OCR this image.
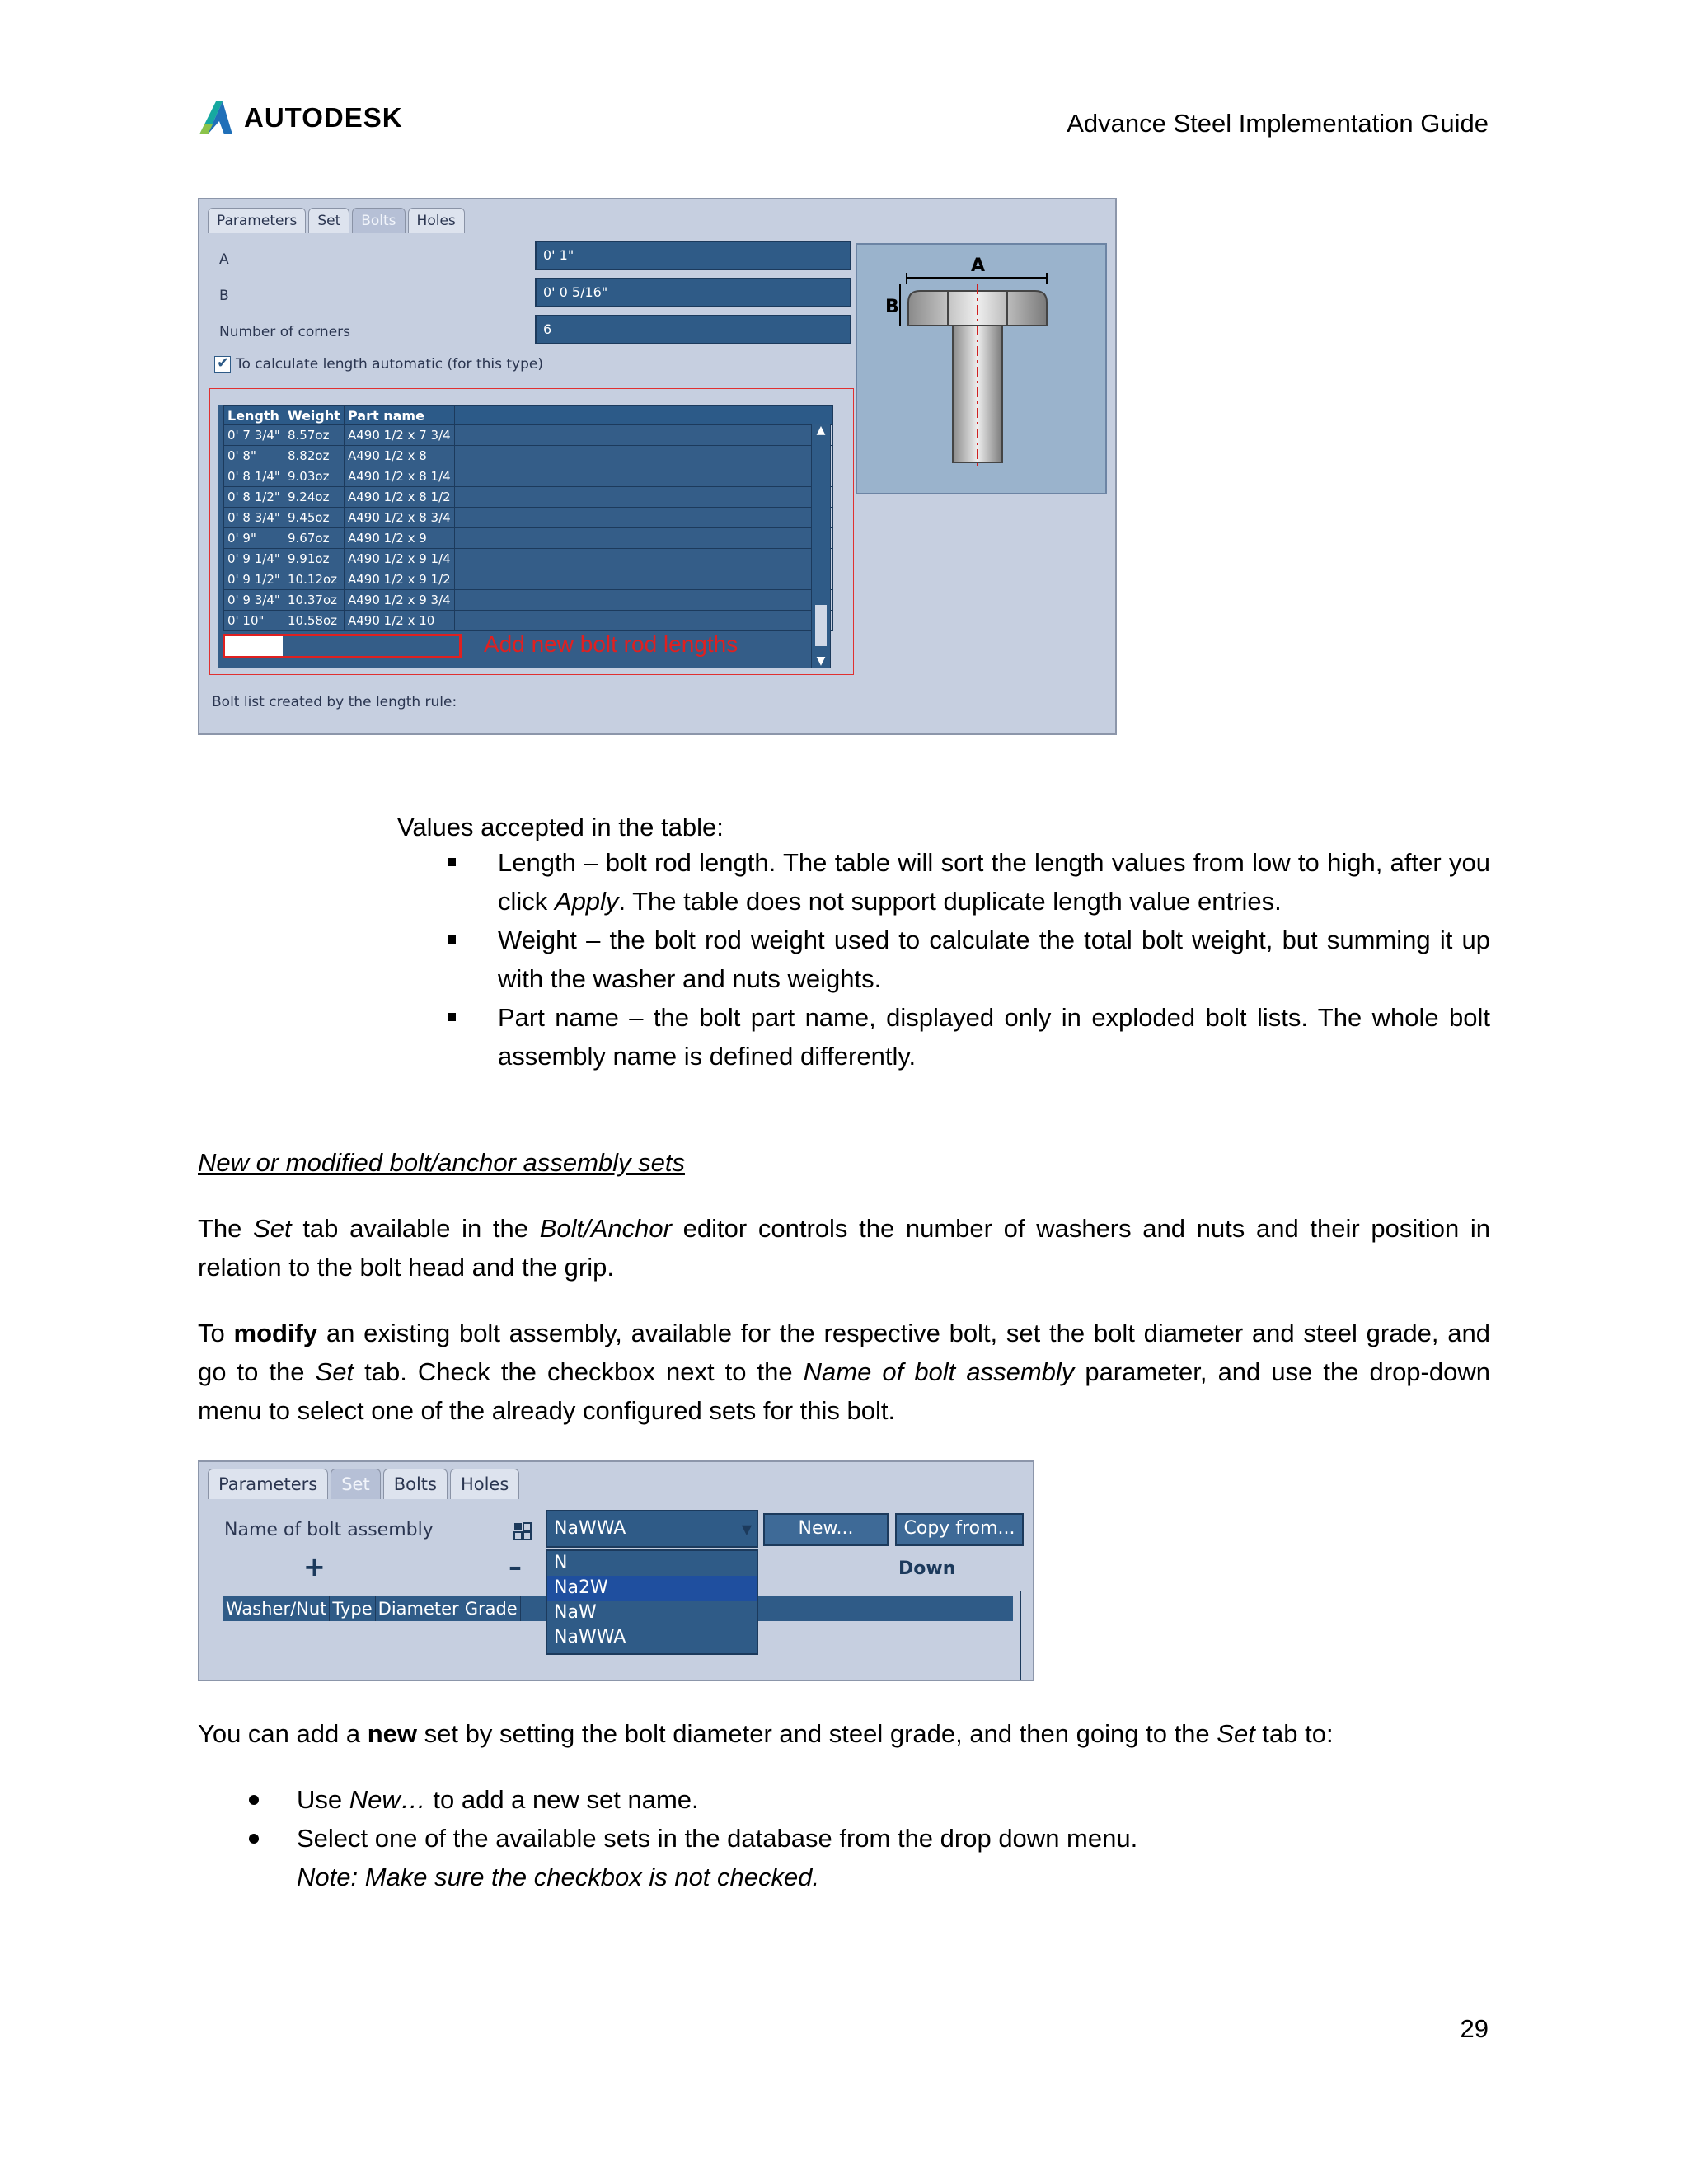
AUTODESK	Advance Steel Implementation Guide
Parameters	Set	Bolts	Holes
A	0' 1"
B	0' 0 5/16"
Number of corners	6
✔
To calculate length automatic (for this type)
Length	Weight	Part name	
0' 7 3/4"	8.57oz	A490 1/2 x 7 3/4	
0' 8"	8.82oz	A490 1/2 x 8	
0' 8 1/4"	9.03oz	A490 1/2 x 8 1/4	
0' 8 1/2"	9.24oz	A490 1/2 x 8 1/2	
0' 8 3/4"	9.45oz	A490 1/2 x 8 3/4	
0' 9"	9.67oz	A490 1/2 x 9	
0' 9 1/4"	9.91oz	A490 1/2 x 9 1/4	
0' 9 1/2"	10.12oz	A490 1/2 x 9 1/2	
0' 9 3/4"	10.37oz	A490 1/2 x 9 3/4	
0' 10"	10.58oz	A490 1/2 x 10	
▲
▼
Add new bolt rod lengths
Bolt list created by the length rule:
A
B
Values accepted in the table:
Length – bolt rod length. The table will sort the length values from low to high, after you click Apply. The table does not support duplicate length value entries.
Weight – the bolt rod weight used to calculate the total bolt weight, but summing it up with the washer and nuts weights.
Part name – the bolt part name, displayed only in exploded bolt lists. The whole bolt assembly name is defined differently.
New or modified bolt/anchor assembly sets
The Set tab available in the Bolt/Anchor editor controls the number of washers and nuts and their position in relation to the bolt head and the grip.
To modify an existing bolt assembly, available for the respective bolt, set the bolt diameter and steel grade, and go to the Set tab. Check the checkbox next to the Name of bolt assembly parameter, and use the drop-down menu to select one of the already configured sets for this bolt.
Parameters	Set	Bolts	Holes
Name of bolt assembly	NaWWA	▼	New...	Copy from...
+	–	Down
Washer/Nut Type Diameter Grade
N
Na2W
NaW
NaWWA
You can add a new set by setting the bolt diameter and steel grade, and then going to the Set tab to:
Use New… to add a new set name.
Select one of the available sets in the database from the drop down menu.
Note: Make sure the checkbox is not checked.
29
